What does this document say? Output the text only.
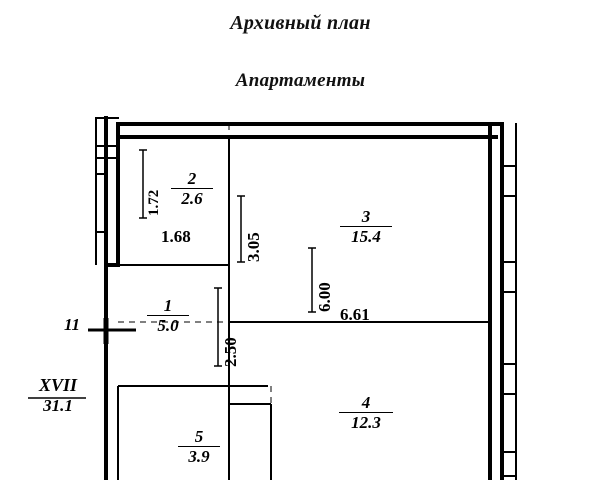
Архивный план
Апартаменты
2
2.6
3
15.4
1
5.0
4
12.3
5
3.9
XVII
31.1
11
1.72
1.68	3.05
2.50
6.00
6.61
